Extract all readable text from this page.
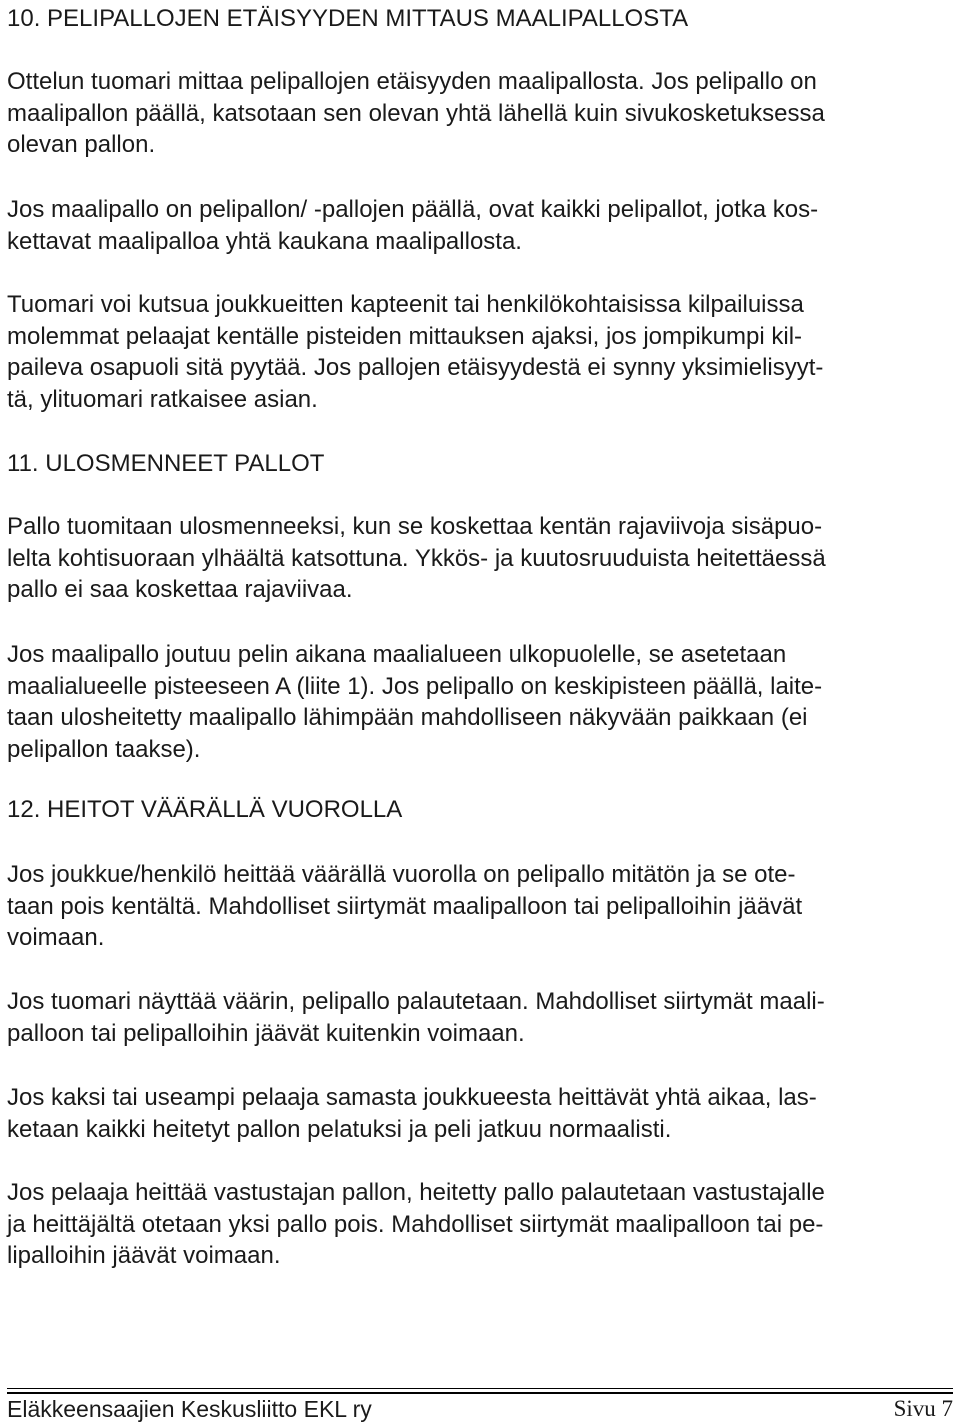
10. PELIPALLOJEN ETÄISYYDEN MITTAUS MAALIPALLOSTA

Ottelun tuomari mittaa pelipallojen etäisyyden maalipallosta. Jos pelipallo on
maalipallon päällä, katsotaan sen olevan yhtä lähellä kuin sivukosketuksessa
olevan pallon.

Jos maalipallo on pelipallon/ -pallojen päällä, ovat kaikki pelipallot, jotka kos-
kettavat maalipalloa yhtä kaukana maalipallosta.

Tuomari voi kutsua joukkueitten kapteenit tai henkilökohtaisissa kilpailuissa
molemmat pelaajat kentälle pisteiden mittauksen ajaksi, jos jompikumpi kil-
paileva osapuoli sitä pyytää. Jos pallojen etäisyydestä ei synny yksimielisyyt-
tä, ylituomari ratkaisee asian.

11. ULOSMENNEET PALLOT

Pallo tuomitaan ulosmenneeksi, kun se koskettaa kentän rajaviivoja sisäpuo-
lelta kohtisuoraan ylhäältä katsottuna. Ykkös- ja kuutosruuduista heitettäessä
pallo ei saa koskettaa rajaviivaa.

Jos maalipallo joutuu pelin aikana maalialueen ulkopuolelle, se asetetaan
maalialueelle pisteeseen A (liite 1). Jos pelipallo on keskipisteen päällä, laite-
taan ulosheitetty maalipallo lähimpään mahdolliseen näkyvään paikkaan (ei
pelipallon taakse).

12. HEITOT VÄÄRÄLLÄ VUOROLLA

Jos joukkue/henkilö heittää väärällä vuorolla on pelipallo mitätön ja se ote-
taan pois kentältä. Mahdolliset siirtymät maalipalloon tai pelipalloihin jäävät
voimaan.

Jos tuomari näyttää väärin, pelipallo palautetaan. Mahdolliset siirtymät maali-
palloon tai pelipalloihin jäävät kuitenkin voimaan.

Jos kaksi tai useampi pelaaja samasta joukkueesta heittävät yhtä aikaa, las-
ketaan kaikki heitetyt pallon pelatuksi ja peli jatkuu normaalisti.

Jos pelaaja heittää vastustajan pallon, heitetty pallo palautetaan vastustajalle
ja heittäjältä otetaan yksi pallo pois. Mahdolliset siirtymät maalipalloon tai pe-
lipalloihin jäävät voimaan.

Eläkkeensaajien Keskusliitto EKL ry	Sivu 7
